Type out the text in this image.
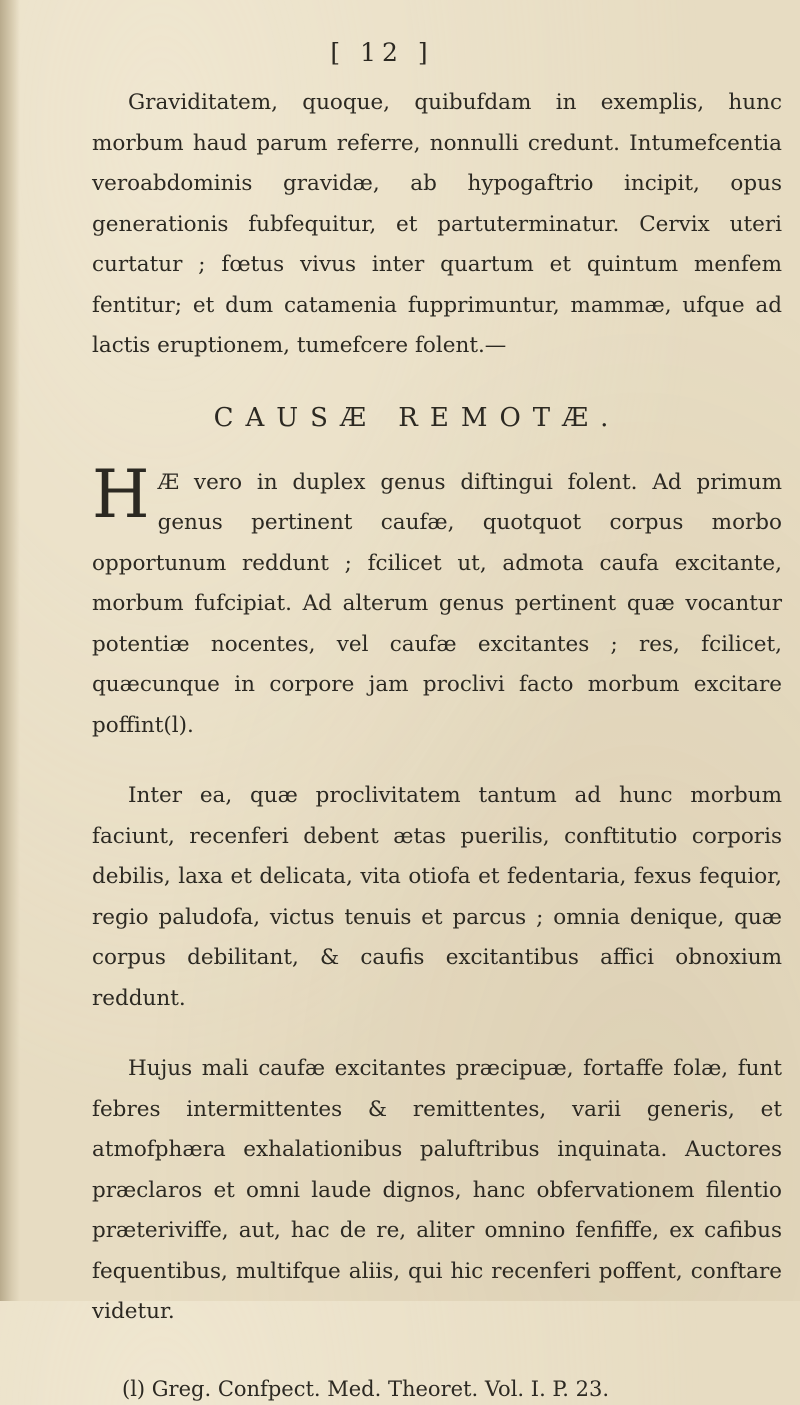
[ 12 ]

Graviditatem, quoque, quibufdam in exemplis, hunc morbum haud parum referre, nonnulli credunt. Intumefcentia veroabdominis gravidæ, ab hypogaftrio incipit, opus generationis fubfequitur, et partuterminatur. Cervix uteri curtatur ; fœtus vivus inter quartum et quintum menfem fentitur; et dum catamenia fupprimuntur, mammæ, ufque ad lactis eruptionem, tumefcere folent.—

CAUSÆ REMOTÆ.

H Æ vero in duplex genus diftingui folent. Ad primum genus pertinent caufæ, quotquot corpus morbo opportunum reddunt ; fcilicet ut, admota caufa excitante, morbum fufcipiat. Ad alterum genus pertinent quæ vocantur potentiæ nocentes, vel caufæ excitantes ; res, fcilicet, quæcunque in corpore jam proclivi facto morbum excitare poffint(l).

Inter ea, quæ proclivitatem tantum ad hunc morbum faciunt, recenferi debent ætas puerilis, conftitutio corporis debilis, laxa et delicata, vita otiofa et fedentaria, fexus fequior, regio paludofa, victus tenuis et parcus ; omnia denique, quæ corpus debilitant, & caufis excitantibus affici obnoxium reddunt.

Hujus mali caufæ excitantes præcipuæ, fortaffe folæ, funt febres intermittentes & remittentes, varii generis, et atmofphæra exhalationibus paluftribus inquinata. Auctores præclaros et omni laude dignos, hanc obfervationem filentio præteriviffe, aut, hac de re, aliter omnino fenfiffe, ex cafibus fequentibus, multifque aliis, qui hic recenferi poffent, conftare videtur.

(l) Greg. Confpect. Med. Theoret. Vol. I. P. 23.
